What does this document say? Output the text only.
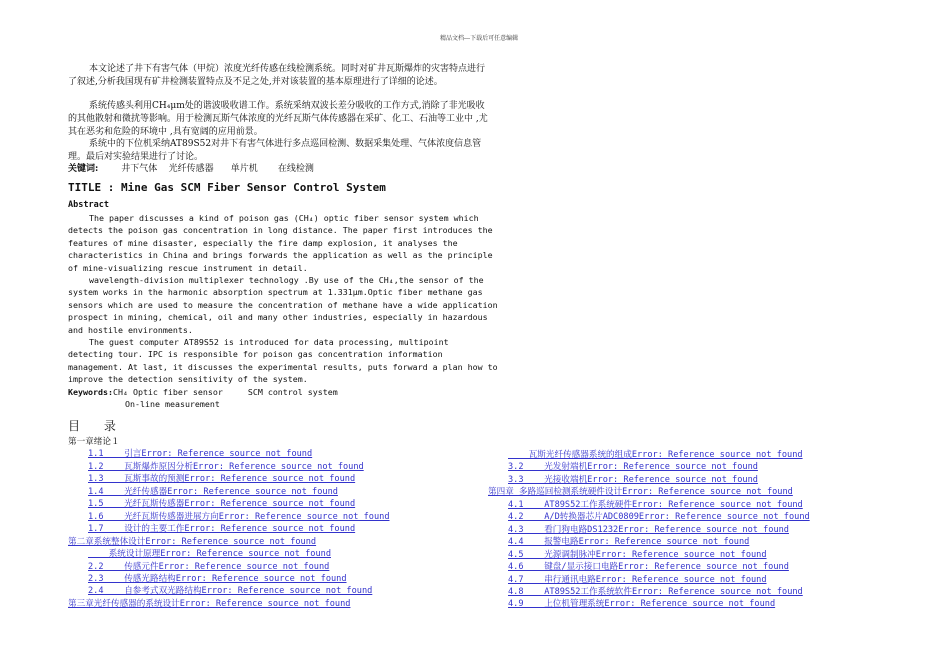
精品文档---下载后可任意编辑

本文论述了井下有害气体（甲烷）浓度光纤传感在线检测系统。同时对矿井瓦斯爆炸的灾害特点进行了叙述,分析我国现有矿井检测装置特点及不足之处,并对该装置的基本原理进行了详细的论述。

系统传感头利用CH₄μm处的谐波吸收谱工作。系统采纳双波长差分吸收的工作方式,消除了非光吸收的其他散射和微扰等影响。用于检测瓦斯气体浓度的光纤瓦斯气体传感器在采矿、化工、石油等工业中 ,尤其在恶劣和危险的环境中 ,具有宽阔的应用前景。

系统中的下位机采纳AT89S52对井下有害气体进行多点巡回检测、数据采集处理、气体浓度信息管理。最后对实验结果进行了讨论。

关键词:	井下气体    光纤传感器      单片机       在线检测

TITLE : Mine Gas SCM Fiber Sensor Control System
Abstract

The paper discusses a kind of poison gas (CH₄) optic fiber sensor system which detects the poison gas concentration in long distance. The paper first introduces the features of mine disaster, especially the fire damp explosion, it analyses the characteristics in China and brings forwards the application as well as the principle of mine-visualizing rescue instrument in detail.

wavelength-division multiplexer technology .By use of the CH₄,the sensor of the system works in the harmonic absorption spectrum at 1.331μm.Optic fiber methane gas sensors which are used to measure the concentration of methane have a wide application prospect in mining, chemical, oil and many other industries, especially in hazardous and hostile environments.

The guest computer AT89S52 is introduced for data processing, multipoint detecting tour. IPC is responsible for poison gas concentration information management. At last, it discusses the experimental results, puts forward a plan how to improve the detection sensitivity of the system.

Keywords:CH₄ Optic fiber sensor     SCM control system
On-line measurement
目 录
第一章绪论１
1.1    引言Error: Reference source not found
1.2    瓦斯爆炸原因分析Error: Reference source not found
1.3    瓦斯事故的预测Error: Reference source not found
1.4    光纤传感器Error: Reference source not found
1.5    光纤瓦斯传感器Error: Reference source not found
1.6    光纤瓦斯传感器进展方向Error: Reference source not found
1.7    设计的主要工作Error: Reference source not found
第二章系统整体设计Error: Reference source not found
系统设计原理Error: Reference source not found
2.2    传感元件Error: Reference source not found
2.3    传感光路结构Error: Reference source not found
2.4    自参考式双光路结构Error: Reference source not found
第三章光纤传感器的系统设计Error: Reference source not found
瓦斯光纤传感器系统的组成Error: Reference source not found
3.2    光发射端机Error: Reference source not found
3.3    光接收端机Error: Reference source not found
第四章 多路巡回检测系统硬件设计Error: Reference source not found
4.1    AT89S52工作系统硬件Error: Reference source not found
4.2    A/D转换器芯片ADC0809Error: Reference source not found
4.3    看门狗电路DS1232Error: Reference source not found
4.4    报警电路Error: Reference source not found
4.5    光源调制脉冲Error: Reference source not found
4.6    键盘/显示接口电路Error: Reference source not found
4.7    串行通讯电路Error: Reference source not found
4.8    AT89S52工作系统软件Error: Reference source not found
4.9    上位机管理系统Error: Reference source not found
